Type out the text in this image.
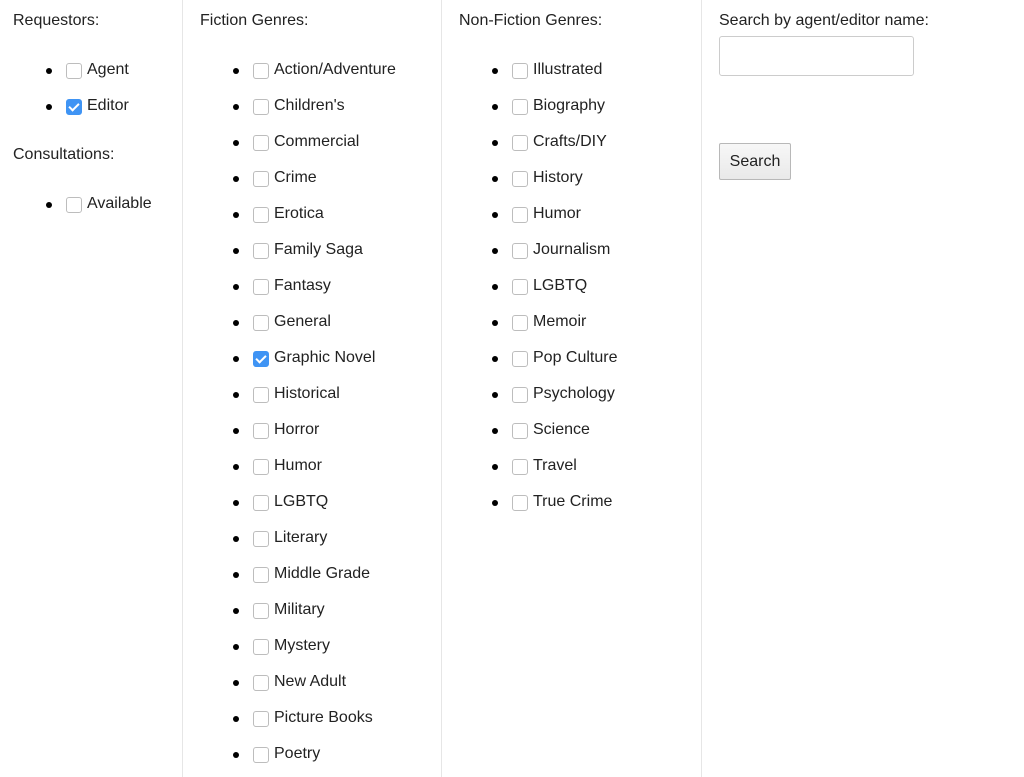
Requestors:
Agent
Editor
Consultations:
Available
Fiction Genres:
Action/Adventure
Children's
Commercial
Crime
Erotica
Family Saga
Fantasy
General
Graphic Novel
Historical
Horror
Humor
LGBTQ
Literary
Middle Grade
Military
Mystery
New Adult
Picture Books
Poetry
Non-Fiction Genres:
Illustrated
Biography
Crafts/DIY
History
Humor
Journalism
LGBTQ
Memoir
Pop Culture
Psychology
Science
Travel
True Crime
Search by agent/editor name:
Search
